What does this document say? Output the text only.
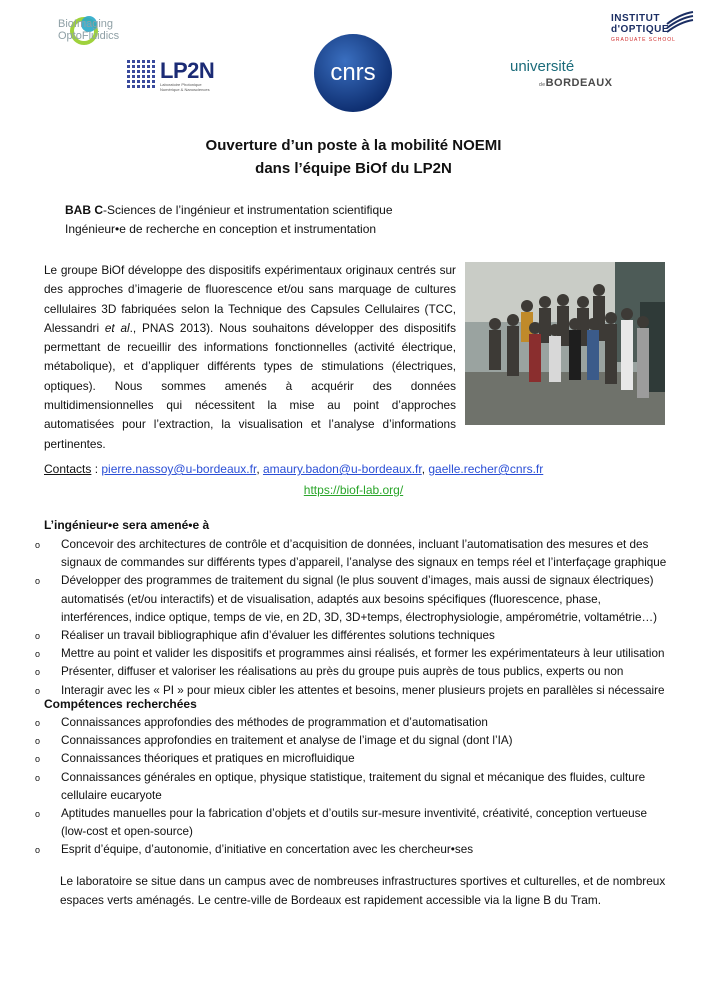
BioImaging
OptoFluidics
INSTITUT
d'OPTIQUE
GRADUATE SCHOOL
LP2N
Laboratoire Photonique Numérique & Nanosciences
cnrs	université
deBORDEAUX
Ouverture d’un poste à la mobilité NOEMI
dans l’équipe BiOf du LP2N
BAB C-Sciences de l’ingénieur et instrumentation scientifique
Ingénieur•e de recherche en conception et instrumentation
Le groupe BiOf développe des dispositifs expérimentaux originaux centrés sur des approches d’imagerie de fluorescence et/ou sans marquage de cultures cellulaires 3D fabriquées selon la Technique des Capsules Cellulaires (TCC, Alessandri et al., PNAS 2013). Nous souhaitons développer des dispositifs permettant de recueillir des informations fonctionnelles (activité électrique, métabolique), et d’appliquer différents types de stimulations (électriques, optiques). Nous sommes amenés à acquérir des données multidimensionnelles qui nécessitent la mise au point d’approches automatisées pour l’extraction, la visualisation et l’analyse d’informations pertinentes.
Contacts : pierre.nassoy@u-bordeaux.fr, amaury.badon@u-bordeaux.fr, gaelle.recher@cnrs.fr
https://biof-lab.org/
L’ingénieur•e sera amené•e à
o Concevoir des architectures de contrôle et d’acquisition de données, incluant l’automatisation des mesures et des signaux de commandes sur différents types d’appareil, l’analyse des signaux en temps réel et l’interfaçage graphique
o Développer des programmes de traitement du signal (le plus souvent d’images, mais aussi de signaux électriques) automatisés (et/ou interactifs) et de visualisation, adaptés aux besoins spécifiques (fluorescence, phase, interférences, indice optique, temps de vie, en 2D, 3D, 3D+temps, électrophysiologie, ampérométrie, voltamétrie…)
o Réaliser un travail bibliographique afin d’évaluer les différentes solutions techniques
o Mettre au point et valider les dispositifs et programmes ainsi réalisés, et former les expérimentateurs à leur utilisation
o Présenter, diffuser et valoriser les réalisations au près du groupe puis auprès de tous publics, experts ou non
o Interagir avec les « PI » pour mieux cibler les attentes et besoins, mener plusieurs projets en parallèles si nécessaire
Compétences recherchées
o Connaissances approfondies des méthodes de programmation et d’automatisation
o Connaissances approfondies en traitement et analyse de l’image et du signal (dont l’IA)
o Connaissances théoriques et pratiques en microfluidique
o Connaissances générales en optique, physique statistique, traitement du signal et mécanique des fluides, culture cellulaire eucaryote
o Aptitudes manuelles pour la fabrication d’objets et d’outils sur-mesure inventivité, créativité, conception vertueuse (low-cost et open-source)
o Esprit d’équipe, d’autonomie, d’initiative en concertation avec les chercheur•ses
Le laboratoire se situe dans un campus avec de nombreuses infrastructures sportives et culturelles, et de nombreux espaces verts aménagés. Le centre-ville de Bordeaux est rapidement accessible via la ligne B du Tram.
